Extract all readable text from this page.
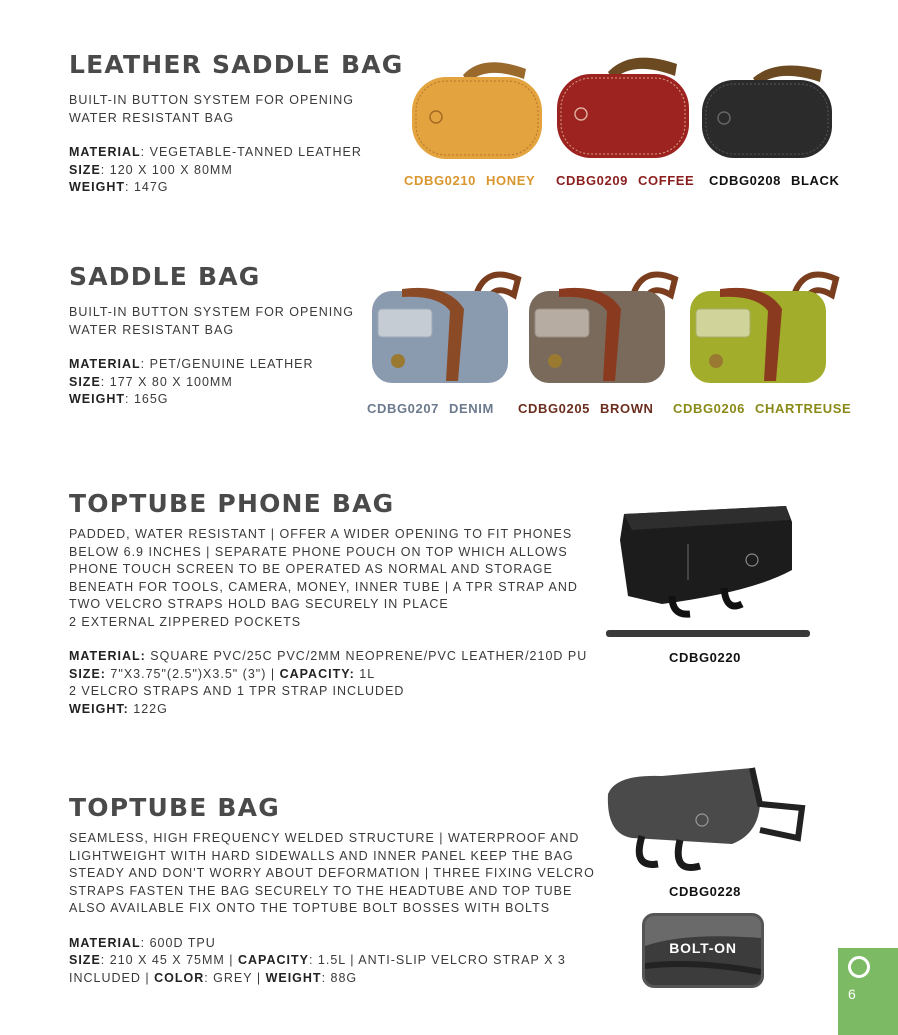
LEATHER SADDLE BAG

BUILT-IN BUTTON SYSTEM FOR OPENING

WATER RESISTANT BAG

MATERIAL: VEGETABLE-TANNED LEATHER

SIZE: 120 X 100 X 80MM

WEIGHT: 147G	CDBG0210 HONEY CDBG0209 COFFEE CDBG0208 BLACK
SADDLE BAG

BUILT-IN BUTTON SYSTEM FOR OPENING

WATER RESISTANT BAG

MATERIAL: PET/GENUINE LEATHER

SIZE: 177 X 80 X 100MM

WEIGHT: 165G

CDBG0207 DENIM CDBG0205 BROWN CDBG0206 CHARTREUSE
TOPTUBE PHONE BAG

PADDED, WATER RESISTANT | OFFER A WIDER OPENING TO FIT PHONES

BELOW 6.9 INCHES | SEPARATE PHONE POUCH ON TOP WHICH ALLOWS

PHONE TOUCH SCREEN TO BE OPERATED AS NORMAL AND STORAGE

BENEATH FOR TOOLS, CAMERA, MONEY, INNER TUBE | A TPR STRAP AND

TWO VELCRO STRAPS HOLD BAG SECURELY IN PLACE

2 EXTERNAL ZIPPERED POCKETS

MATERIAL: SQUARE PVC/25C PVC/2MM NEOPRENE/PVC LEATHER/210D PU

SIZE: 7"X3.75"(2.5")X3.5" (3") | CAPACITY: 1L

2 VELCRO STRAPS AND 1 TPR STRAP INCLUDED

WEIGHT: 122G

CDBG0220
TOPTUBE BAG

SEAMLESS, HIGH FREQUENCY WELDED STRUCTURE | WATERPROOF AND

LIGHTWEIGHT WITH HARD SIDEWALLS AND INNER PANEL KEEP THE BAG

STEADY AND DON'T WORRY ABOUT DEFORMATION | THREE FIXING VELCRO

STRAPS FASTEN THE BAG SECURELY TO THE HEADTUBE AND TOP TUBE

ALSO AVAILABLE FIX ONTO THE TOPTUBE BOLT BOSSES WITH BOLTS

MATERIAL: 600D TPU

SIZE: 210 X 45 X 75MM | CAPACITY: 1.5L | ANTI-SLIP VELCRO STRAP X 3

INCLUDED | COLOR: GREY | WEIGHT: 88G

CDBG0228
BOLT-ON
6
